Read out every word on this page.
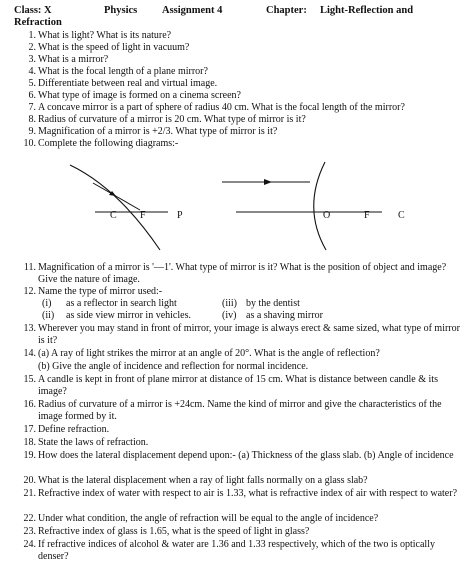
Class: X	Physics Assignment 4	Chapter: Light-Reflection and
Refraction
1. What is light? What is its nature?
2. What is the speed of light in vacuum?
3. What is a mirror?
4. What is the focal length of a plane mirror?
5. Differentiate between real and virtual image.
6. What type of image is formed on a cinema screen?
7. A concave mirror is a part of sphere of radius 40 cm. What is the focal length of the mirror?
8. Radius of curvature of a mirror is 20 cm. What type of mirror is it?
9. Magnification of a mirror is +2/3. What type of mirror is it?
10. Complete the following diagrams:-
C F	P	O	F	C
11. Magnification of a mirror is '—1'. What type of mirror is it? What is the position of object and image? Give the nature of image.
12. Name the type of mirror used:-
(i) as a reflector in search light	(iii) by the dentist
(ii) as side view mirror in vehicles.	(iv) as a shaving mirror
13. Wherever you may stand in front of mirror, your image is always erect & same sized, what type of mirror is it?
14. (a) A ray of light strikes the mirror at an angle of 20°. What is the angle of reflection?
(b) Give the angle of incidence and reflection for normal incidence.
15. A candle is kept in front of plane mirror at distance of 15 cm. What is distance between candle & its image?
16. Radius of curvature of a mirror is +24cm. Name the kind of mirror and give the characteristics of the image formed by it.
17. Define refraction.
18. State the laws of refraction.
19. How does the lateral displacement depend upon:- (a) Thickness of the glass slab. (b) Angle of incidence
20. What is the lateral displacement when a ray of light falls normally on a glass slab?
21. Refractive index of water with respect to air is 1.33, what is refractive index of air with respect to water?
22. Under what condition, the angle of refraction will be equal to the angle of incidence?
23. Refractive index of glass is 1.65, what is the speed of light in glass?
24. If refractive indices of alcohol & water are 1.36 and 1.33 respectively, which of the two is optically denser?
